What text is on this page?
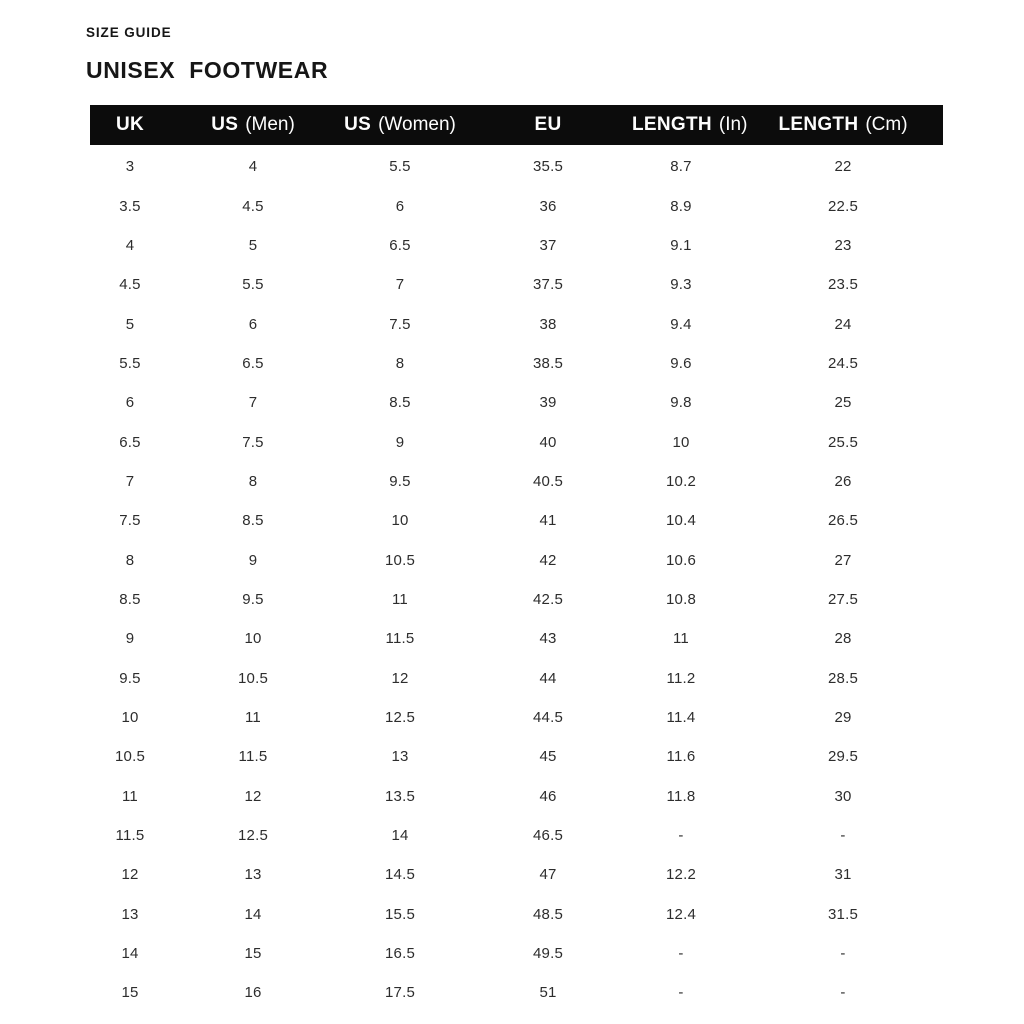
SIZE GUIDE
UNISEX  FOOTWEAR
UK	US (Men)	US (Women)	EU	LENGTH (In)	LENGTH (Cm)
3	4	5.5	35.5	8.7	22
3.5	4.5	6	36	8.9	22.5
4	5	6.5	37	9.1	23
4.5	5.5	7	37.5	9.3	23.5
5	6	7.5	38	9.4	24
5.5	6.5	8	38.5	9.6	24.5
6	7	8.5	39	9.8	25
6.5	7.5	9	40	10	25.5
7	8	9.5	40.5	10.2	26
7.5	8.5	10	41	10.4	26.5
8	9	10.5	42	10.6	27
8.5	9.5	11	42.5	10.8	27.5
9	10	11.5	43	11	28
9.5	10.5	12	44	11.2	28.5
10	11	12.5	44.5	11.4	29
10.5	11.5	13	45	11.6	29.5
11	12	13.5	46	11.8	30
11.5	12.5	14	46.5	-	-
12	13	14.5	47	12.2	31
13	14	15.5	48.5	12.4	31.5
14	15	16.5	49.5	-	-
15	16	17.5	51	-	-
